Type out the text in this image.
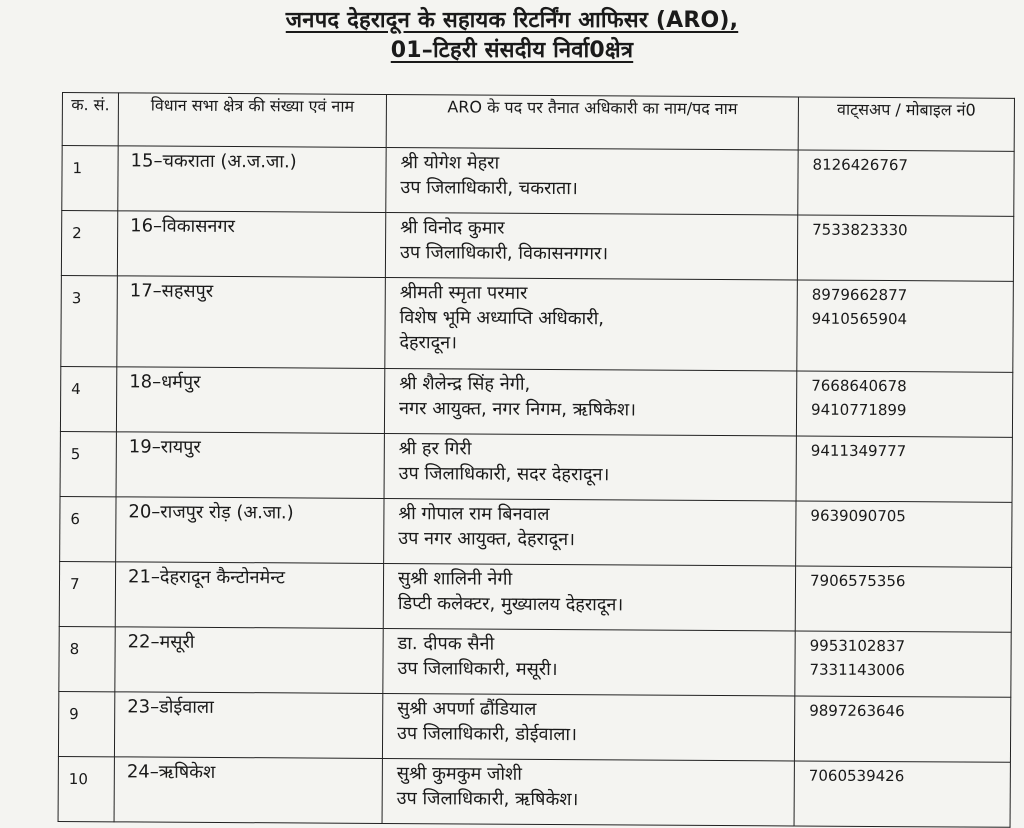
जनपद देहरादून के सहायक रिटर्निंग आफिसर (ARO),
01–टिहरी संसदीय निर्वा0क्षेत्र
क. सं.	विधान सभा क्षेत्र की संख्या एवं नाम	ARO के पद पर तैनात अधिकारी का नाम/पद नाम	वाट्सअप / मोबाइल नं0
1	15–चकराता (अ.ज.जा.)	श्री योगेश मेहरा
उप जिलाधिकारी, चकराता।	8126426767

2	16–विकासनगर	श्री विनोद कुमार
उप जिलाधिकारी, विकासनगगर।	7533823330

3	17–सहसपुर	श्रीमती स्मृता परमार
विशेष भूमि अध्याप्ति अधिकारी,
देहरादून।	8979662877
9410565904

4	18–धर्मपुर	श्री शैलेन्द्र सिंह नेगी,
नगर आयुक्त, नगर निगम, ऋषिकेश।	7668640678
9410771899

5	19–रायपुर	श्री हर गिरी
उप जिलाधिकारी, सदर देहरादून।	9411349777

6	20–राजपुर रोड़ (अ.जा.)	श्री गोपाल राम बिनवाल
उप नगर आयुक्त, देहरादून।	9639090705

7	21–देहरादून कैन्टोनमेन्ट	सुश्री शालिनी नेगी
डिप्टी कलेक्टर, मुख्यालय देहरादून।	7906575356

8	22–मसूरी	डा. दीपक सैनी
उप जिलाधिकारी, मसूरी।	9953102837
7331143006

9	23–डोईवाला	सुश्री अपर्णा ढौंडियाल
उप जिलाधिकारी, डोईवाला।	9897263646

10	24–ऋषिकेश	सुश्री कुमकुम जोशी
उप जिलाधिकारी, ऋषिकेश।	7060539426
